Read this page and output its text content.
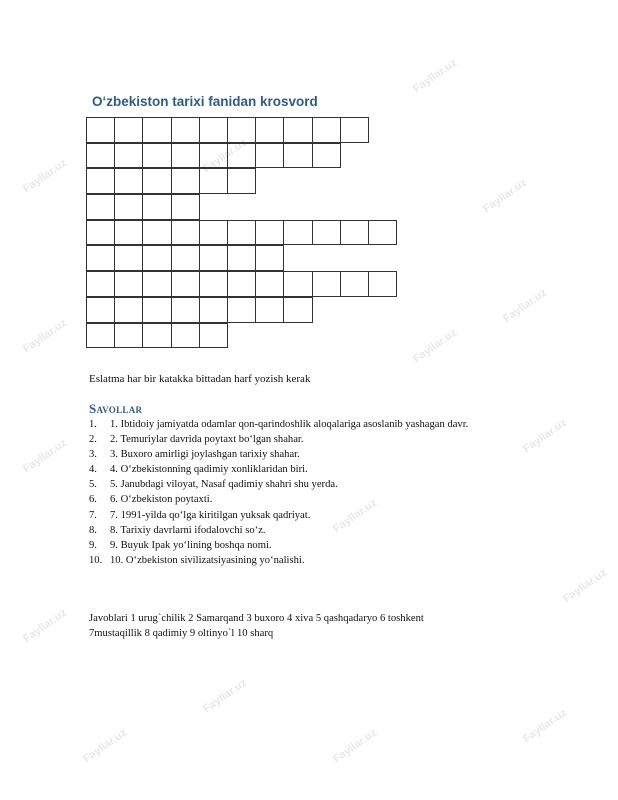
Fayllar.uz
Fayllar.uz
Fayllar.uz
Fayllar.uz
Fayllar.uz
Fayllar.uz	Fayllar.uz
Fayllar.uz
Fayllar.uz
Fayllar.uz
Fayllar.uz
Fayllar.uz
Fayllar.uz
Fayllar.uz	Fayllar.uz
Fayllar.uz
O‘zbekiston tarixi fanidan krosvord

Eslatma har bir katakka bittadan harf yozish kerak

Savollar
1.	1. Ibtidoiy jamiyatda odamlar qon-qarindoshlik aloqalariga asoslanib yashagan davr.
2.	2. Temuriylar davrida poytaxt bo‘lgan shahar.
3.	3. Buxoro amirligi joylashgan tarixiy shahar.
4.	4. O‘zbekistonning qadimiy xonliklaridan biri.
5.	5. Janubdagi viloyat, Nasaf qadimiy shahri shu yerda.
6.	6. O‘zbekiston poytaxti.
7.	7. 1991-yilda qo‘lga kiritilgan yuksak qadriyat.
8.	8. Tarixiy davrlarni ifodalovchi so‘z.
9.	9. Buyuk Ipak yo‘lining boshqa nomi.
10. 10. O‘zbekiston sivilizatsiyasining yo‘nalishi.

Javoblari 1 urug`chilik 2 Samarqand 3 buxoro 4 xiva 5 qashqadaryo 6 toshkent
7mustaqillik 8 qadimiy 9 oltinyo`l 10 sharq
